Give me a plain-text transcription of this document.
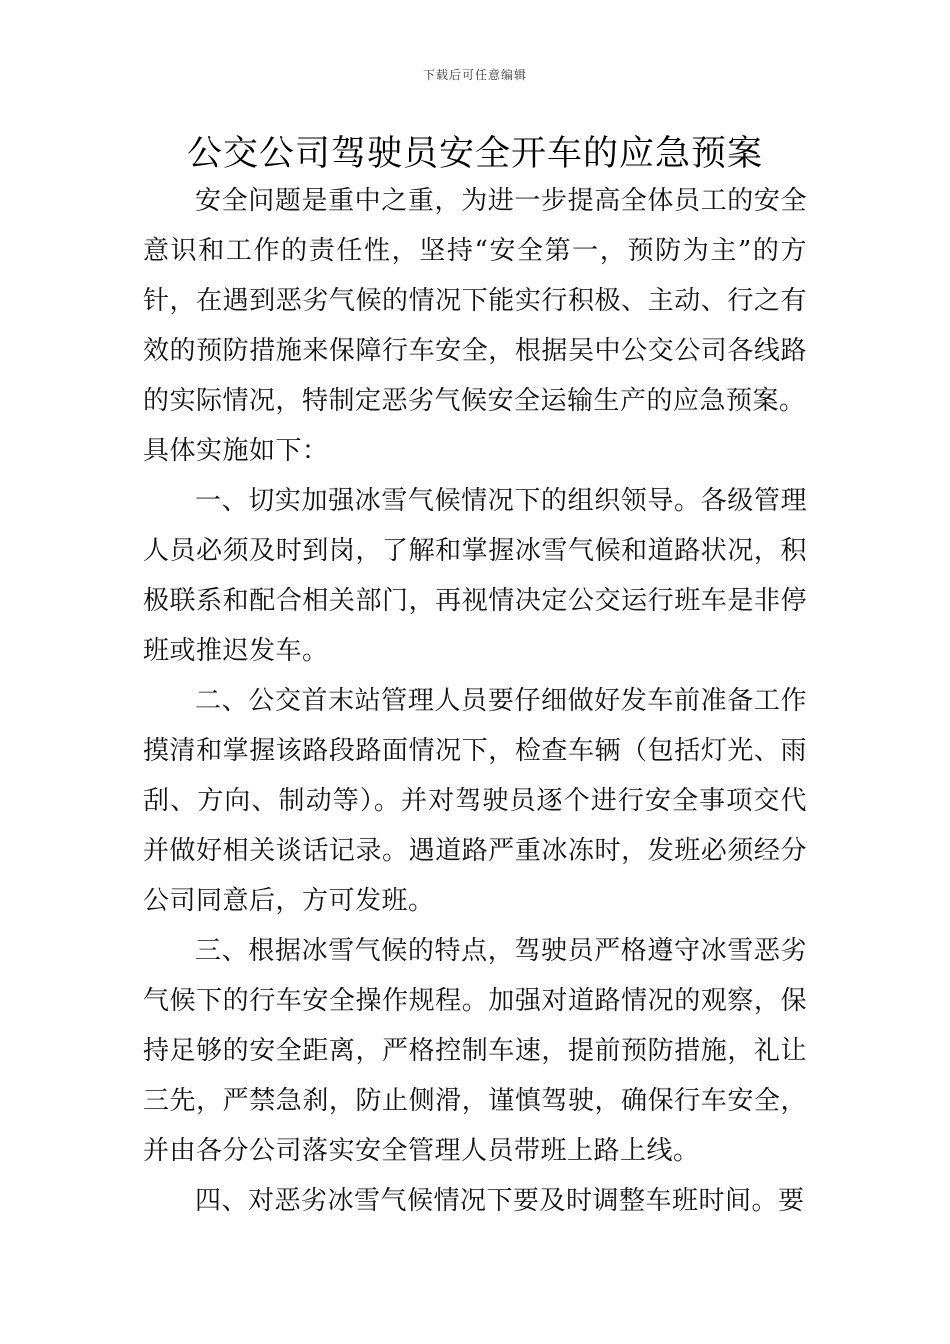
下载后可任意编辑
公交公司驾驶员安全开车的应急预案

安全问题是重中之重，为进一步提高全体员工的安全意识和工作的责任性，坚持“安全第一，预防为主”的方针，在遇到恶劣气候的情况下能实行积极、主动、行之有效的预防措施来保障行车安全，根据吴中公交公司各线路的实际情况，特制定恶劣气候安全运输生产的应急预案。

具体实施如下：

一、切实加强冰雪气候情况下的组织领导。各级管理人员必须及时到岗，了解和掌握冰雪气候和道路状况，积极联系和配合相关部门，再视情决定公交运行班车是非停班或推迟发车。

二、公交首末站管理人员要仔细做好发车前准备工作摸清和掌握该路段路面情况下，检查车辆（包括灯光、雨刮、方向、制动等）。并对驾驶员逐个进行安全事项交代并做好相关谈话记录。遇道路严重冰冻时，发班必须经分公司同意后，方可发班。

三、根据冰雪气候的特点，驾驶员严格遵守冰雪恶劣气候下的行车安全操作规程。加强对道路情况的观察，保持足够的安全距离，严格控制车速，提前预防措施，礼让三先，严禁急刹，防止侧滑，谨慎驾驶，确保行车安全，并由各分公司落实安全管理人员带班上路上线。

四、对恶劣冰雪气候情况下要及时调整车班时间。要
